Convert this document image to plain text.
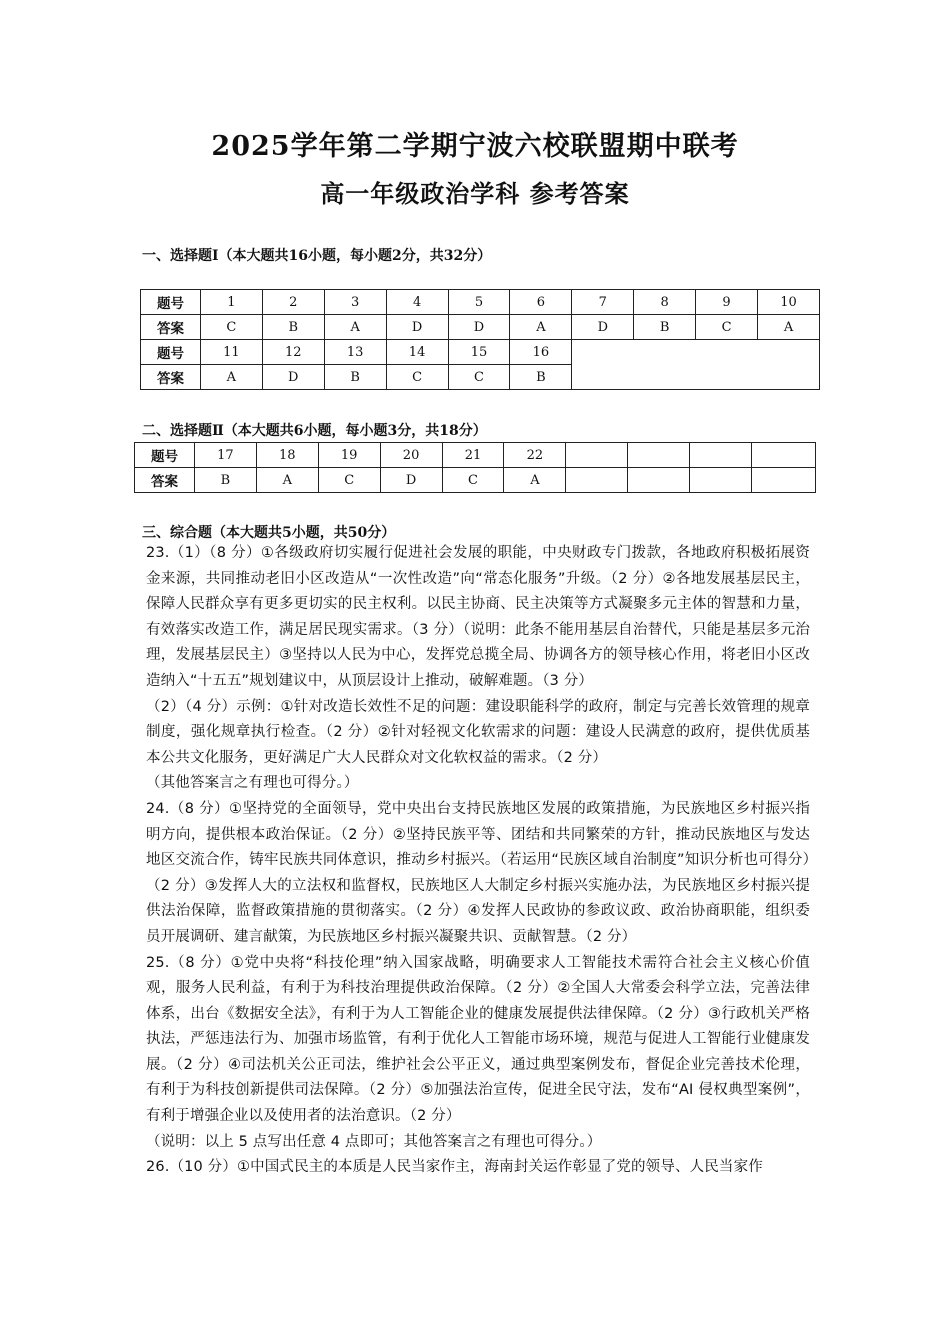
2025学年第二学期宁波六校联盟期中联考
高一年级政治学科 参考答案
一、选择题Ⅰ（本大题共16小题，每小题2分，共32分）
题号	1	2	3	4	5	6	7	8	9	10
答案	C	B	A	D	D	A	D	B	C	A
题号	11	12	13	14	15	16				
答案	A	D	B	C	C	B				
二、选择题Ⅱ（本大题共6小题，每小题3分，共18分）
题号	17	18	19	20	21	22				
答案	B	A	C	D	C	A				
三、综合题（本大题共5小题，共50分）

23.（1）（8 分）①各级政府切实履行促进社会发展的职能，中央财政专门拨款，各地政府积极拓展资金来源，共同推动老旧小区改造从“一次性改造”向“常态化服务”升级。（2 分）②各地发展基层民主，保障人民群众享有更多更切实的民主权利。以民主协商、民主决策等方式凝聚多元主体的智慧和力量，有效落实改造工作，满足居民现实需求。（3 分）（说明：此条不能用基层自治替代，只能是基层多元治理，发展基层民主）③坚持以人民为中心，发挥党总揽全局、协调各方的领导核心作用，将老旧小区改造纳入“十五五”规划建议中，从顶层设计上推动，破解难题。（3 分）

（2）（4 分）示例：①针对改造长效性不足的问题：建设职能科学的政府，制定与完善长效管理的规章制度，强化规章执行检查。（2 分）②针对轻视文化软需求的问题：建设人民满意的政府，提供优质基本公共文化服务，更好满足广大人民群众对文化软权益的需求。（2 分）

（其他答案言之有理也可得分。）

24.（8 分）①坚持党的全面领导，党中央出台支持民族地区发展的政策措施，为民族地区乡村振兴指明方向，提供根本政治保证。（2 分）②坚持民族平等、团结和共同繁荣的方针，推动民族地区与发达地区交流合作，铸牢民族共同体意识，推动乡村振兴。（若运用“民族区域自治制度”知识分析也可得分）（2 分）③发挥人大的立法权和监督权，民族地区人大制定乡村振兴实施办法，为民族地区乡村振兴提供法治保障，监督政策措施的贯彻落实。（2 分）④发挥人民政协的参政议政、政治协商职能，组织委员开展调研、建言献策，为民族地区乡村振兴凝聚共识、贡献智慧。（2 分）

25.（8 分）①党中央将“科技伦理”纳入国家战略，明确要求人工智能技术需符合社会主义核心价值观，服务人民利益，有利于为科技治理提供政治保障。（2 分）②全国人大常委会科学立法，完善法律体系，出台《数据安全法》，有利于为人工智能企业的健康发展提供法律保障。（2 分）③行政机关严格执法，严惩违法行为、加强市场监管，有利于优化人工智能市场环境，规范与促进人工智能行业健康发展。（2 分）④司法机关公正司法，维护社会公平正义，通过典型案例发布，督促企业完善技术伦理，有利于为科技创新提供司法保障。（2 分）⑤加强法治宣传，促进全民守法，发布“AI 侵权典型案例”，有利于增强企业以及使用者的法治意识。（2 分）

（说明：以上 5 点写出任意 4 点即可；其他答案言之有理也可得分。）

26.（10 分）①中国式民主的本质是人民当家作主，海南封关运作彰显了党的领导、人民当家作
